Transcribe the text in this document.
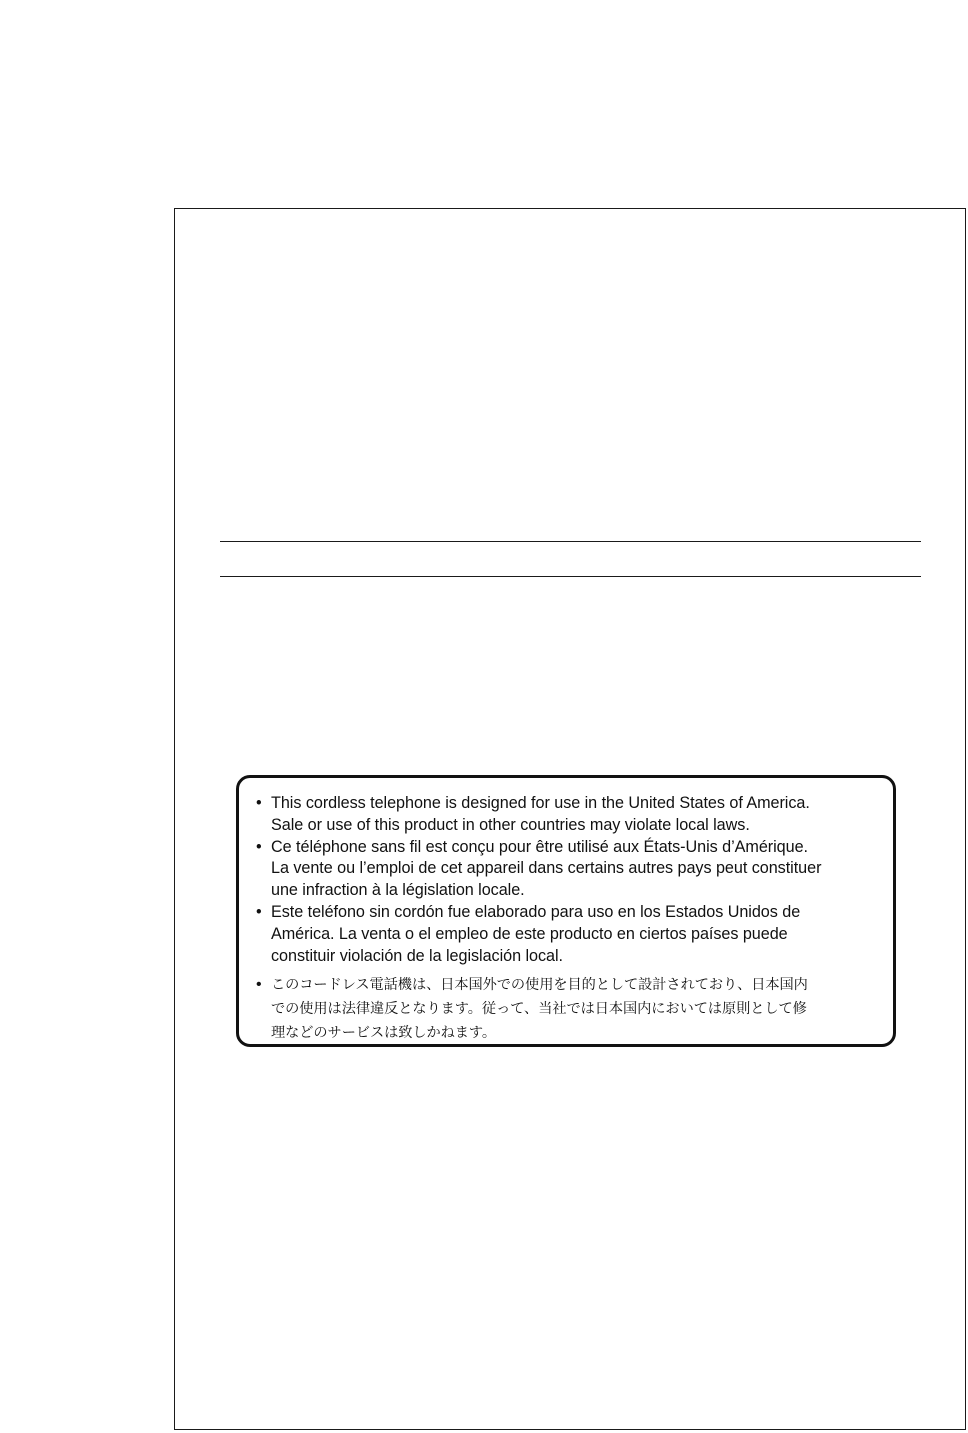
• This cordless telephone is designed for use in the United States of America.
Sale or use of this product in other countries may violate local laws.
• Ce téléphone sans fil est conçu pour être utilisé aux États-Unis d’Amérique.
La vente ou l’emploi de cet appareil dans certains autres pays peut constituer
une infraction à la législation locale.
• Este teléfono sin cordón fue elaborado para uso en los Estados Unidos de
América. La venta o el empleo de este producto en ciertos países puede
constituir violación de la legislación local.
• このコードレス電話機は、日本国外での使用を目的として設計されており、日本国内
での使用は法律違反となります。従って、当社では日本国内においては原則として修
理などのサービスは致しかねます。
